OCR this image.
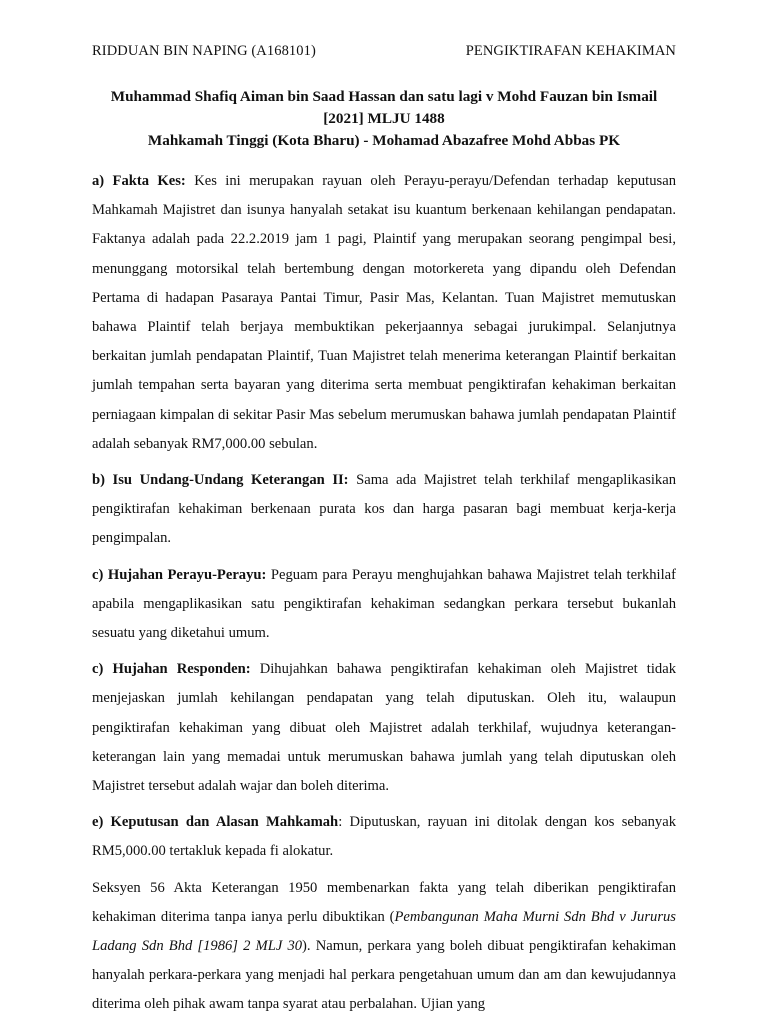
RIDDUAN BIN NAPING (A168101)	PENGIKTIRAFAN KEHAKIMAN
Muhammad Shafiq Aiman bin Saad Hassan dan satu lagi v Mohd Fauzan bin Ismail
[2021] MLJU 1488
Mahkamah Tinggi (Kota Bharu) - Mohamad Abazafree Mohd Abbas PK

a) Fakta Kes: Kes ini merupakan rayuan oleh Perayu-perayu/Defendan terhadap keputusan Mahkamah Majistret dan isunya hanyalah setakat isu kuantum berkenaan kehilangan pendapatan. Faktanya adalah pada 22.2.2019 jam 1 pagi, Plaintif yang merupakan seorang pengimpal besi, menunggang motorsikal telah bertembung dengan motorkereta yang dipandu oleh Defendan Pertama di hadapan Pasaraya Pantai Timur, Pasir Mas, Kelantan. Tuan Majistret memutuskan bahawa Plaintif telah berjaya membuktikan pekerjaannya sebagai jurukimpal. Selanjutnya berkaitan jumlah pendapatan Plaintif, Tuan Majistret telah menerima keterangan Plaintif berkaitan jumlah tempahan serta bayaran yang diterima serta membuat pengiktirafan kehakiman berkaitan perniagaan kimpalan di sekitar Pasir Mas sebelum merumuskan bahawa jumlah pendapatan Plaintif adalah sebanyak RM7,000.00 sebulan.

b) Isu Undang-Undang Keterangan II: Sama ada Majistret telah terkhilaf mengaplikasikan pengiktirafan kehakiman berkenaan purata kos dan harga pasaran bagi membuat kerja-kerja pengimpalan.

c) Hujahan Perayu-Perayu: Peguam para Perayu menghujahkan bahawa Majistret telah terkhilaf apabila mengaplikasikan satu pengiktirafan kehakiman sedangkan perkara tersebut bukanlah sesuatu yang diketahui umum.

c) Hujahan Responden: Dihujahkan bahawa pengiktirafan kehakiman oleh Majistret tidak menjejaskan jumlah kehilangan pendapatan yang telah diputuskan. Oleh itu, walaupun pengiktirafan kehakiman yang dibuat oleh Majistret adalah terkhilaf, wujudnya keterangan-keterangan lain yang memadai untuk merumuskan bahawa jumlah yang telah diputuskan oleh Majistret tersebut adalah wajar dan boleh diterima.

e) Keputusan dan Alasan Mahkamah: Diputuskan, rayuan ini ditolak dengan kos sebanyak RM5,000.00 tertakluk kepada fi alokatur.

Seksyen 56 Akta Keterangan 1950 membenarkan fakta yang telah diberikan pengiktirafan kehakiman diterima tanpa ianya perlu dibuktikan (Pembangunan Maha Murni Sdn Bhd v Jururus Ladang Sdn Bhd [1986] 2 MLJ 30). Namun, perkara yang boleh dibuat pengiktirafan kehakiman hanyalah perkara-perkara yang menjadi hal perkara pengetahuan umum dan am dan kewujudannya diterima oleh pihak awam tanpa syarat atau perbalahan. Ujian yang
